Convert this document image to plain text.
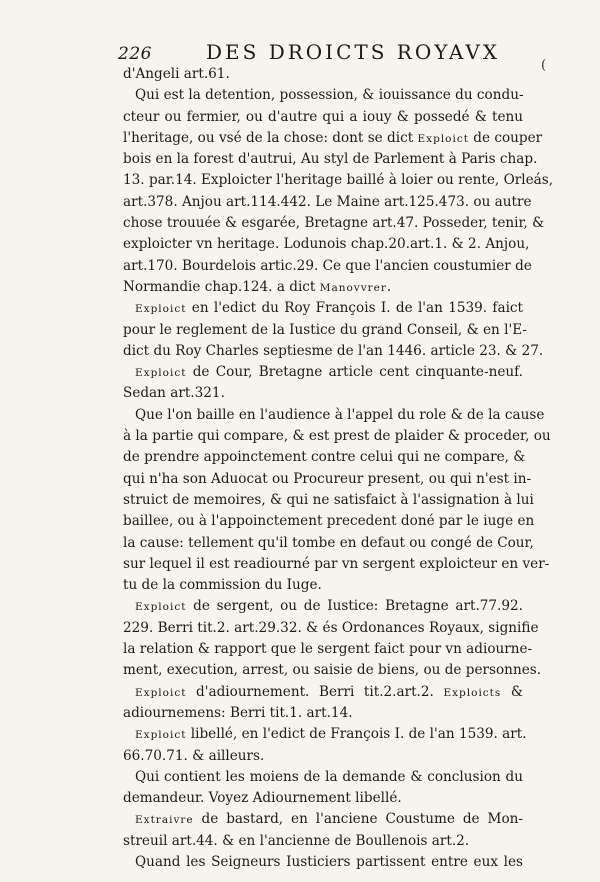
226	DES DROICTS ROYAVX
(
d'Angeli art.61.
Qui est la detention, possession, & iouissance du condu-
cteur ou fermier, ou d'autre qui a iouy & possedé & tenu
l'heritage, ou vsé de la chose: dont se dict Exploict de couper
bois en la forest d'autrui, Au styl de Parlement à Paris chap.
13. par.14. Exploicter l'heritage baillé à loier ou rente, Orleás,
art.378. Anjou art.114.442. Le Maine art.125.473. ou autre
chose trouuée & esgarée, Bretagne art.47. Posseder, tenir, &
exploicter vn heritage. Lodunois chap.20.art.1. & 2. Anjou,
art.170. Bourdelois artic.29. Ce que l'ancien coustumier de
Normandie chap.124. a dict Manovvrer.
Exploict en l'edict du Roy François I. de l'an 1539. faict
pour le reglement de la Iustice du grand Conseil, & en l'E-
dict du Roy Charles septiesme de l'an 1446. article 23. & 27.
Exploict de Cour, Bretagne article cent cinquante-neuf.
Sedan art.321.
Que l'on baille en l'audience à l'appel du role & de la cause
à la partie qui compare, & est prest de plaider & proceder, ou
de prendre appoinctement contre celui qui ne compare, &
qui n'ha son Aduocat ou Procureur present, ou qui n'est in-
struict de memoires, & qui ne satisfaict à l'assignation à lui
baillee, ou à l'appoinctement precedent doné par le iuge en
la cause: tellement qu'il tombe en defaut ou congé de Cour,
sur lequel il est readiourné par vn sergent exploicteur en ver-
tu de la commission du Iuge.
Exploict de sergent, ou de Iustice: Bretagne art.77.92.
229. Berri tit.2. art.29.32. & és Ordonances Royaux, signifie
la relation & rapport que le sergent faict pour vn adiourne-
ment, execution, arrest, ou saisie de biens, ou de personnes.
Exploict d'adiournement. Berri tit.2.art.2. Exploicts &
adiournemens: Berri tit.1. art.14.
Exploict libellé, en l'edict de François I. de l'an 1539. art.
66.70.71. & ailleurs.
Qui contient les moiens de la demande & conclusion du
demandeur. Voyez Adiournement libellé.
Extraivre de bastard, en l'anciene Coustume de Mon-
streuil art.44. & en l'ancienne de Boullenois art.2.
Quand les Seigneurs Iusticiers partissent entre eux les
